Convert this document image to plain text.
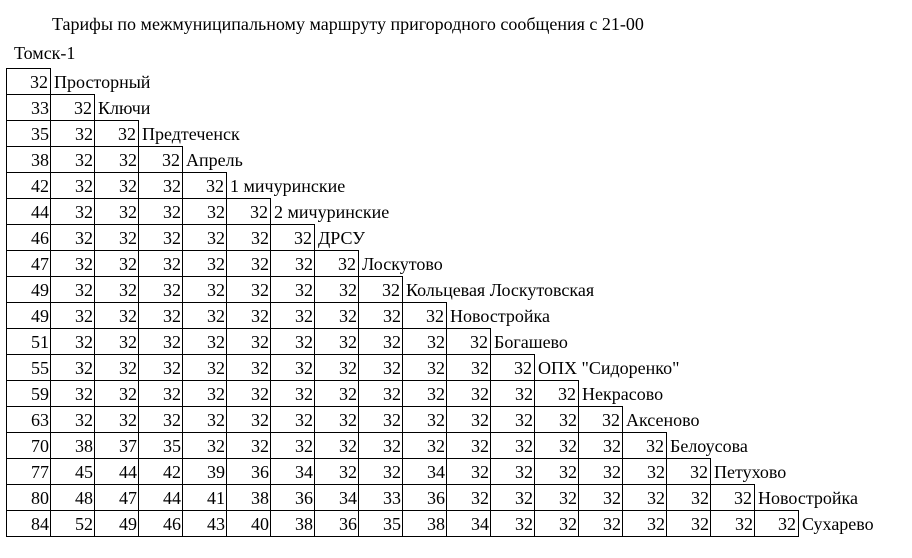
Тарифы по межмуниципальному маршруту пригородного сообщения с 21-00
Томск-1
32 Просторный
33	32 Ключи
35	32	32 Предтеченск
38	32	32	32 Апрель
42	32	32	32	32 1 мичуринские
44	32	32	32	32	32 2 мичуринские
46	32	32	32	32	32	32 ДРСУ
47	32	32	32	32	32	32	32 Лоскутово
49	32	32	32	32	32	32	32	32 Кольцевая Лоскутовская
49	32	32	32	32	32	32	32	32	32 Новостройка
51	32	32	32	32	32	32	32	32	32	32 Богашево
55	32	32	32	32	32	32	32	32	32	32	32 ОПХ "Сидоренко"
59	32	32	32	32	32	32	32	32	32	32	32	32 Некрасово
63	32	32	32	32	32	32	32	32	32	32	32	32	32 Аксеново
70	38	37	35	32	32	32	32	32	32	32	32	32	32	32 Белоусова
77	45	44	42	39	36	34	32	32	34	32	32	32	32	32	32 Петухово
80	48	47	44	41	38	36	34	33	36	32	32	32	32	32	32	32 Новостройка
84	52	49	46	43	40	38	36	35	38	34	32	32	32	32	32	32	32 Сухарево
